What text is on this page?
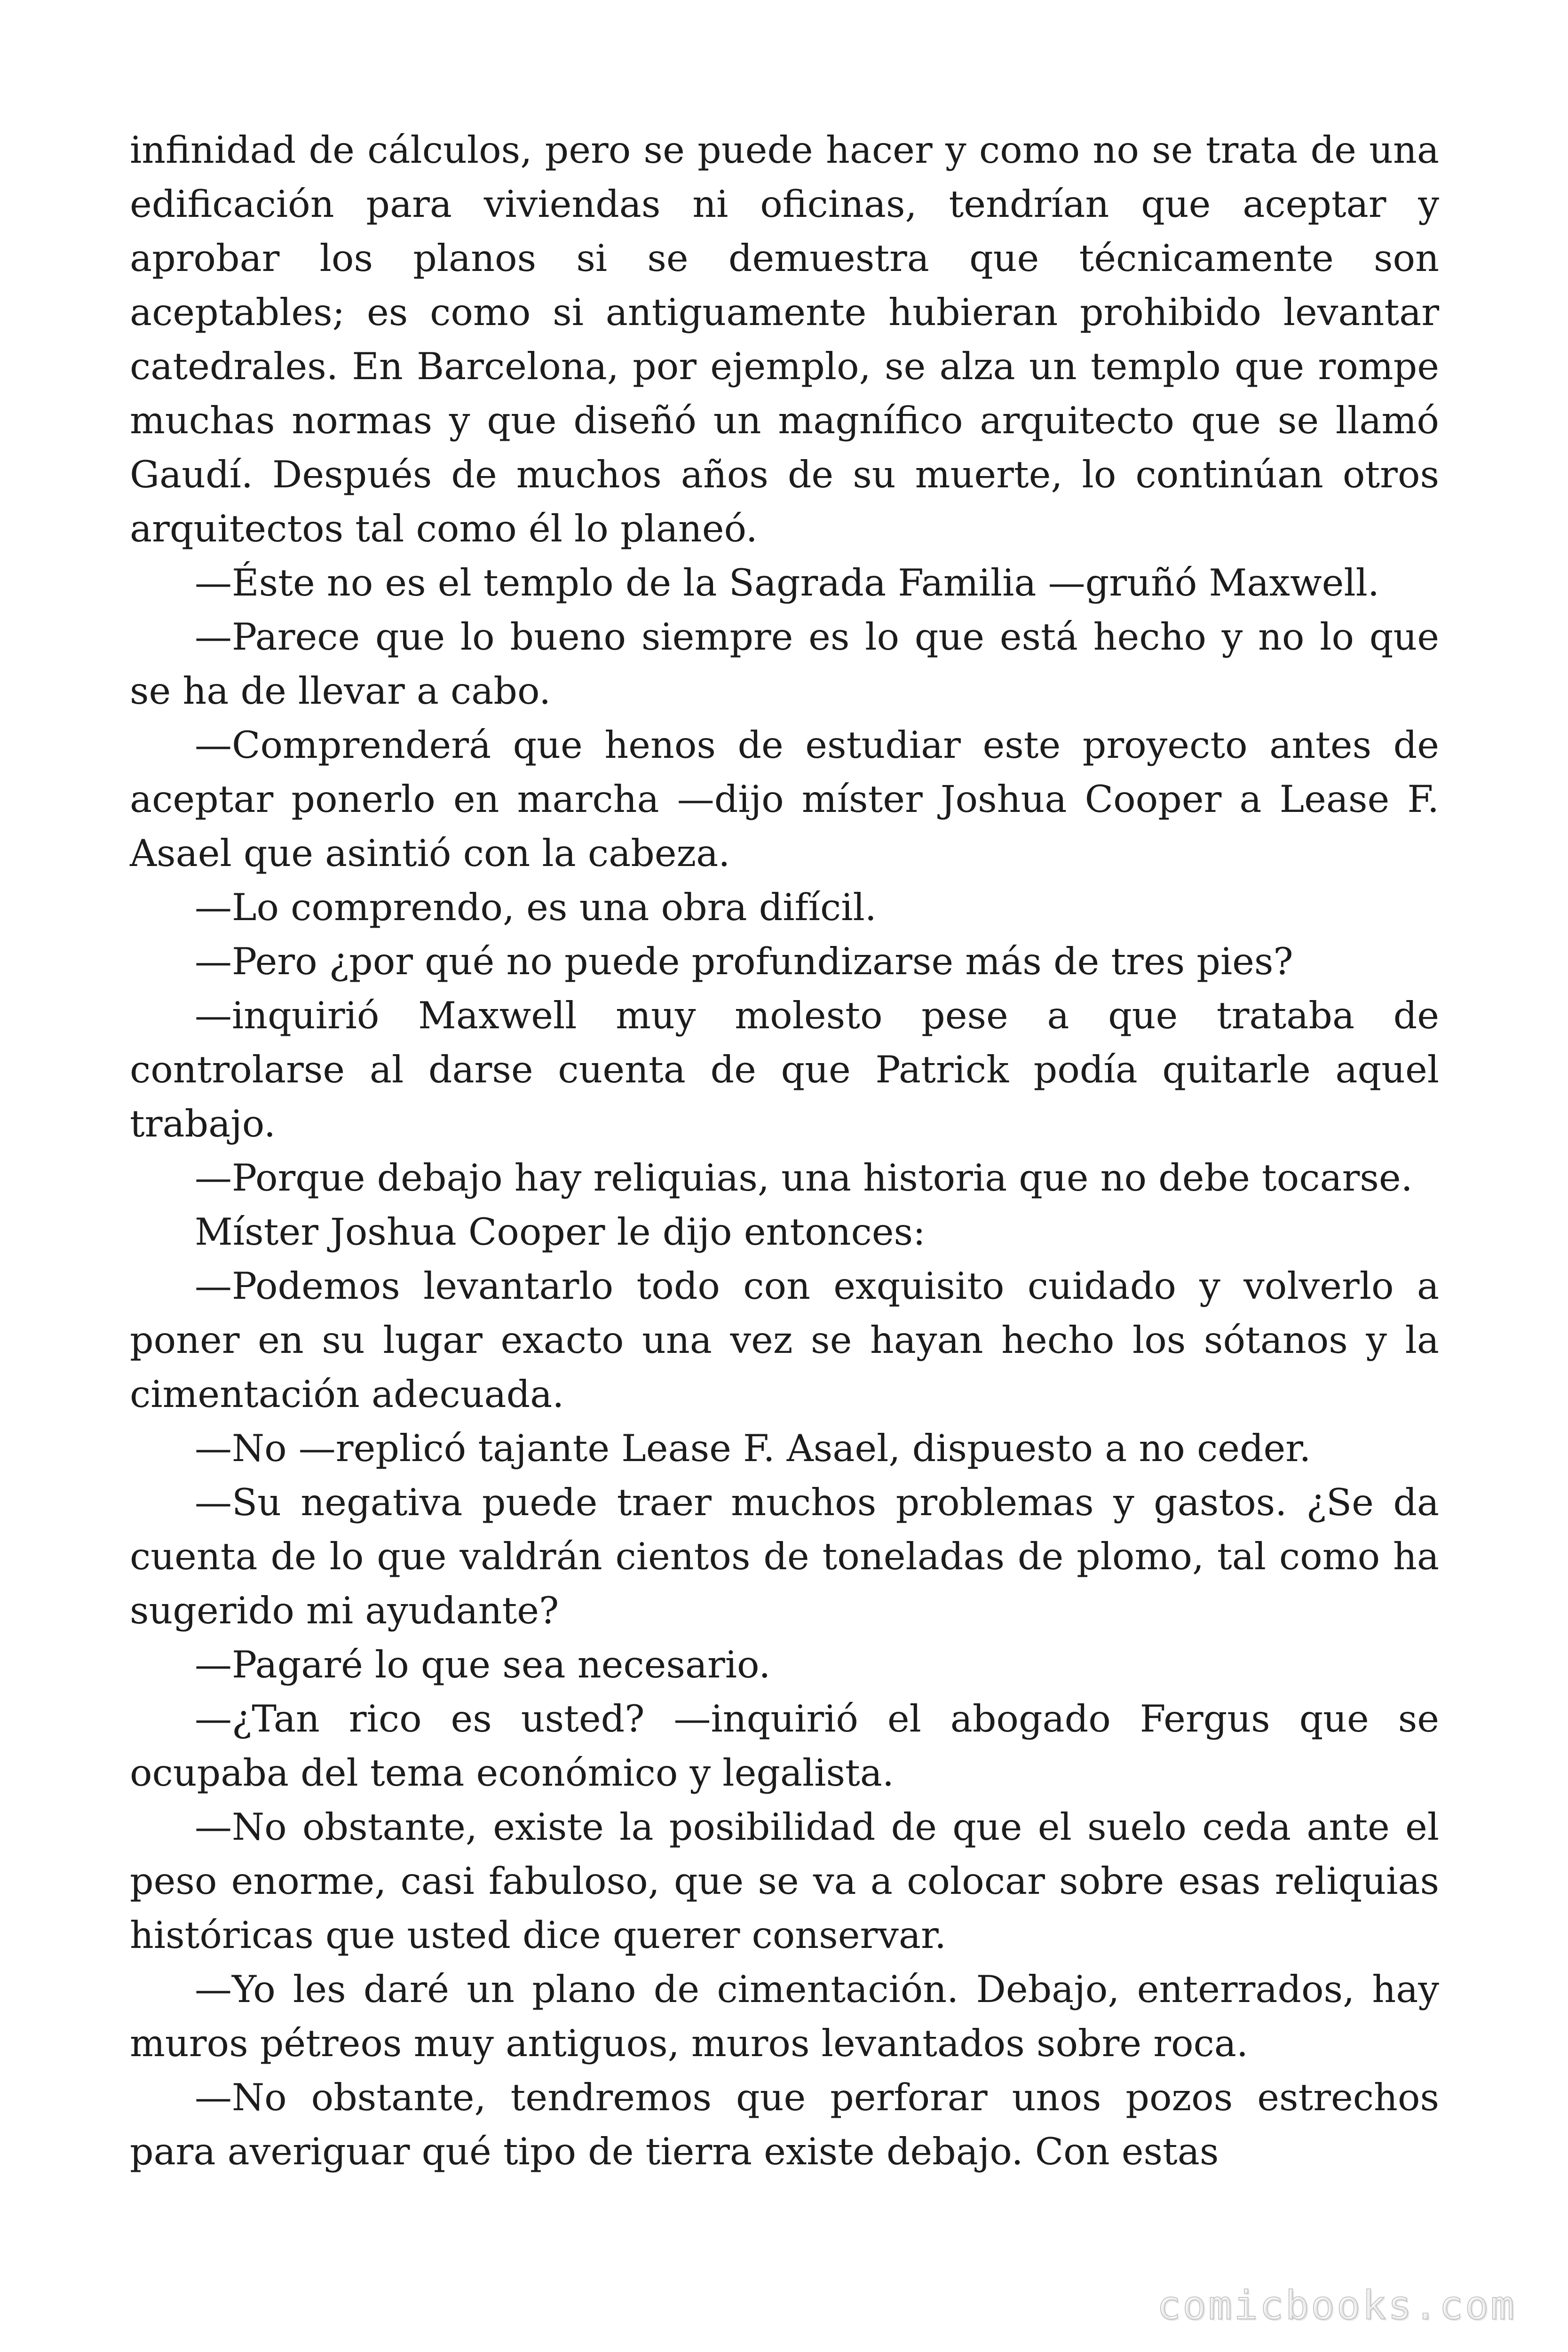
infinidad de cálculos, pero se puede hacer y como no se trata de una edificación para viviendas ni oficinas, tendrían que aceptar y aprobar los planos si se demuestra que técnicamente son aceptables; es como si antiguamente hubieran prohibido levantar catedrales. En Barcelona, por ejemplo, se alza un templo que rompe muchas normas y que diseñó un magnífico arquitecto que se llamó Gaudí. Después de muchos años de su muerte, lo continúan otros arquitectos tal como él lo planeó.

—Éste no es el templo de la Sagrada Familia —gruñó Maxwell.

—Parece que lo bueno siempre es lo que está hecho y no lo que se ha de llevar a cabo.

—Comprenderá que henos de estudiar este proyecto antes de aceptar ponerlo en marcha —dijo míster Joshua Cooper a Lease F. Asael que asintió con la cabeza.

—Lo comprendo, es una obra difícil.

—Pero ¿por qué no puede profundizarse más de tres pies?

—inquirió Maxwell muy molesto pese a que trataba de controlarse al darse cuenta de que Patrick podía quitarle aquel trabajo.

—Porque debajo hay reliquias, una historia que no debe tocarse.

Míster Joshua Cooper le dijo entonces:

—Podemos levantarlo todo con exquisito cuidado y volverlo a poner en su lugar exacto una vez se hayan hecho los sótanos y la cimentación adecuada.

—No —replicó tajante Lease F. Asael, dispuesto a no ceder.

—Su negativa puede traer muchos problemas y gastos. ¿Se da cuenta de lo que valdrán cientos de toneladas de plomo, tal como ha sugerido mi ayudante?

—Pagaré lo que sea necesario.

—¿Tan rico es usted? —inquirió el abogado Fergus que se ocupaba del tema económico y legalista.

—No obstante, existe la posibilidad de que el suelo ceda ante el peso enorme, casi fabuloso, que se va a colocar sobre esas reliquias históricas que usted dice querer conservar.

—Yo les daré un plano de cimentación. Debajo, enterrados, hay muros pétreos muy antiguos, muros levantados sobre roca.

—No obstante, tendremos que perforar unos pozos estrechos para averiguar qué tipo de tierra existe debajo. Con estas

comicbooks.com
